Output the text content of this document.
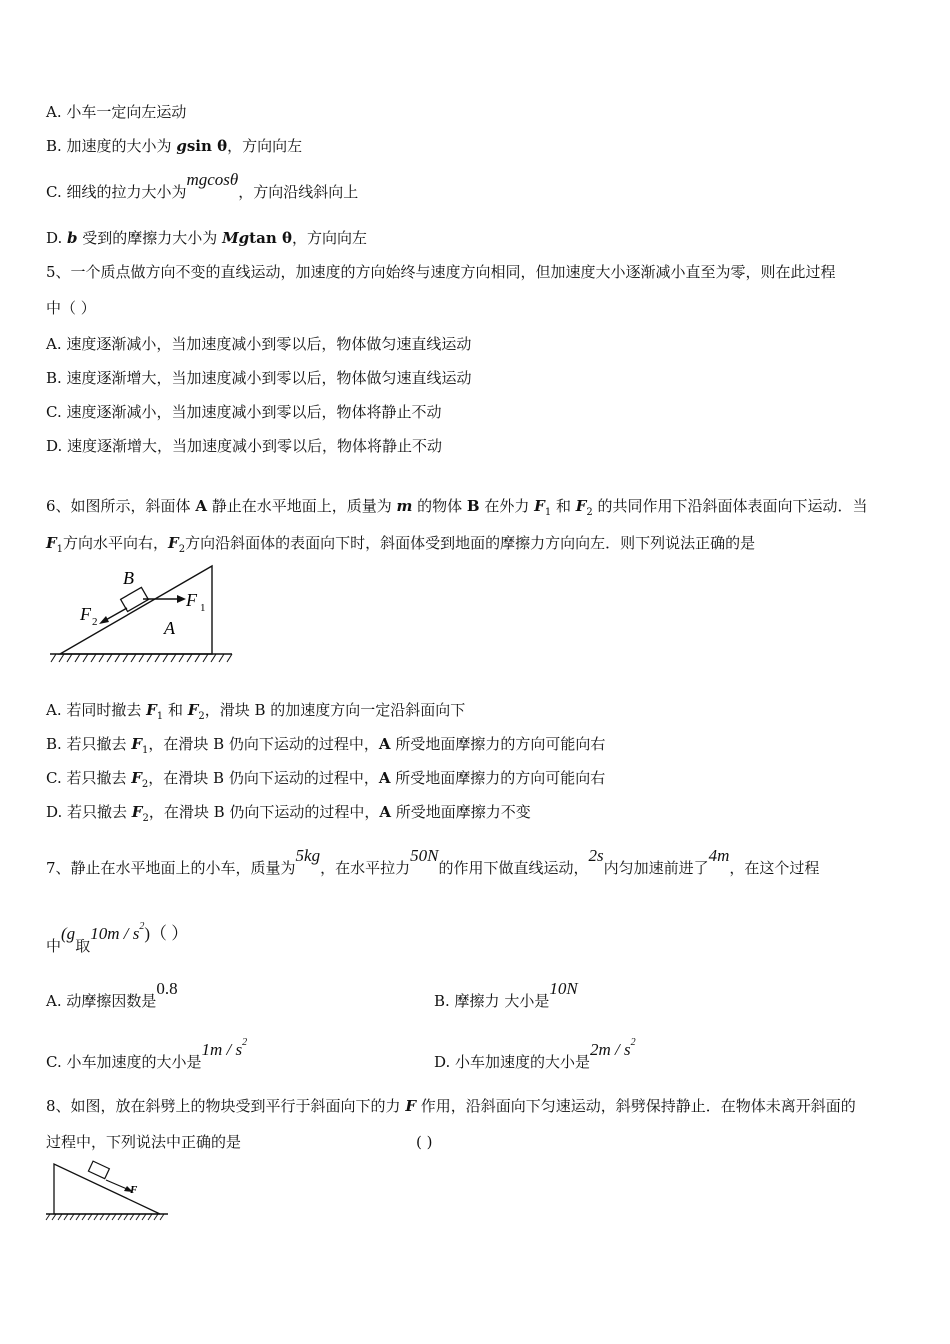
A. 小车一定向左运动
B. 加速度的大小为 gsin θ，方向向左
C. 细线的拉力大小为mgcosθ，方向沿线斜向上
D. b 受到的摩擦力大小为 Mgtan θ，方向向左
5、一个质点做方向不变的直线运动，加速度的方向始终与速度方向相同，但加速度大小逐渐减小直至为零，则在此过程
中（ ）
A. 速度逐渐减小，当加速度减小到零以后，物体做匀速直线运动
B. 速度逐渐增大，当加速度减小到零以后，物体做匀速直线运动
C. 速度逐渐减小，当加速度减小到零以后，物体将静止不动
D. 速度逐渐增大，当加速度减小到零以后，物体将静止不动
6、如图所示，斜面体 A 静止在水平地面上，质量为 m 的物体 B 在外力 $F_1$ 和 $F_2$ 的共同作用下沿斜面体表面向下运动．当
$F_1$方向水平向右，$F_2$方向沿斜面体的表面向下时，斜面体受到地面的摩擦力方向向左．则下列说法正确的是
B
F 1
F 2	A
A. 若同时撤去 $F_1$ 和 $F_2$，滑块 B 的加速度方向一定沿斜面向下
B. 若只撤去 $F_1$，在滑块 B 仍向下运动的过程中，A 所受地面摩擦力的方向可能向右
C. 若只撤去 $F_2$，在滑块 B 仍向下运动的过程中，A 所受地面摩擦力的方向可能向右
D. 若只撤去 $F_2$，在滑块 B 仍向下运动的过程中，A 所受地面摩擦力不变
7、静止在水平地面上的小车，质量为5kg，在水平拉力50N的作用下做直线运动，2s内匀加速前进了4m，在这个过程
中(g取$10m / s^2$)（ ）
A. 动摩擦因数是0.8
B. 摩擦力 大小是10N
C. 小车加速度的大小是$1m / s^2$
D. 小车加速度的大小是$2m / s^2$
8、如图，放在斜劈上的物块受到平行于斜面向下的力 F 作用，沿斜面向下匀速运动，斜劈保持静止．在物体未离开斜面的
过程中，下列说法中正确的是	( )
F
